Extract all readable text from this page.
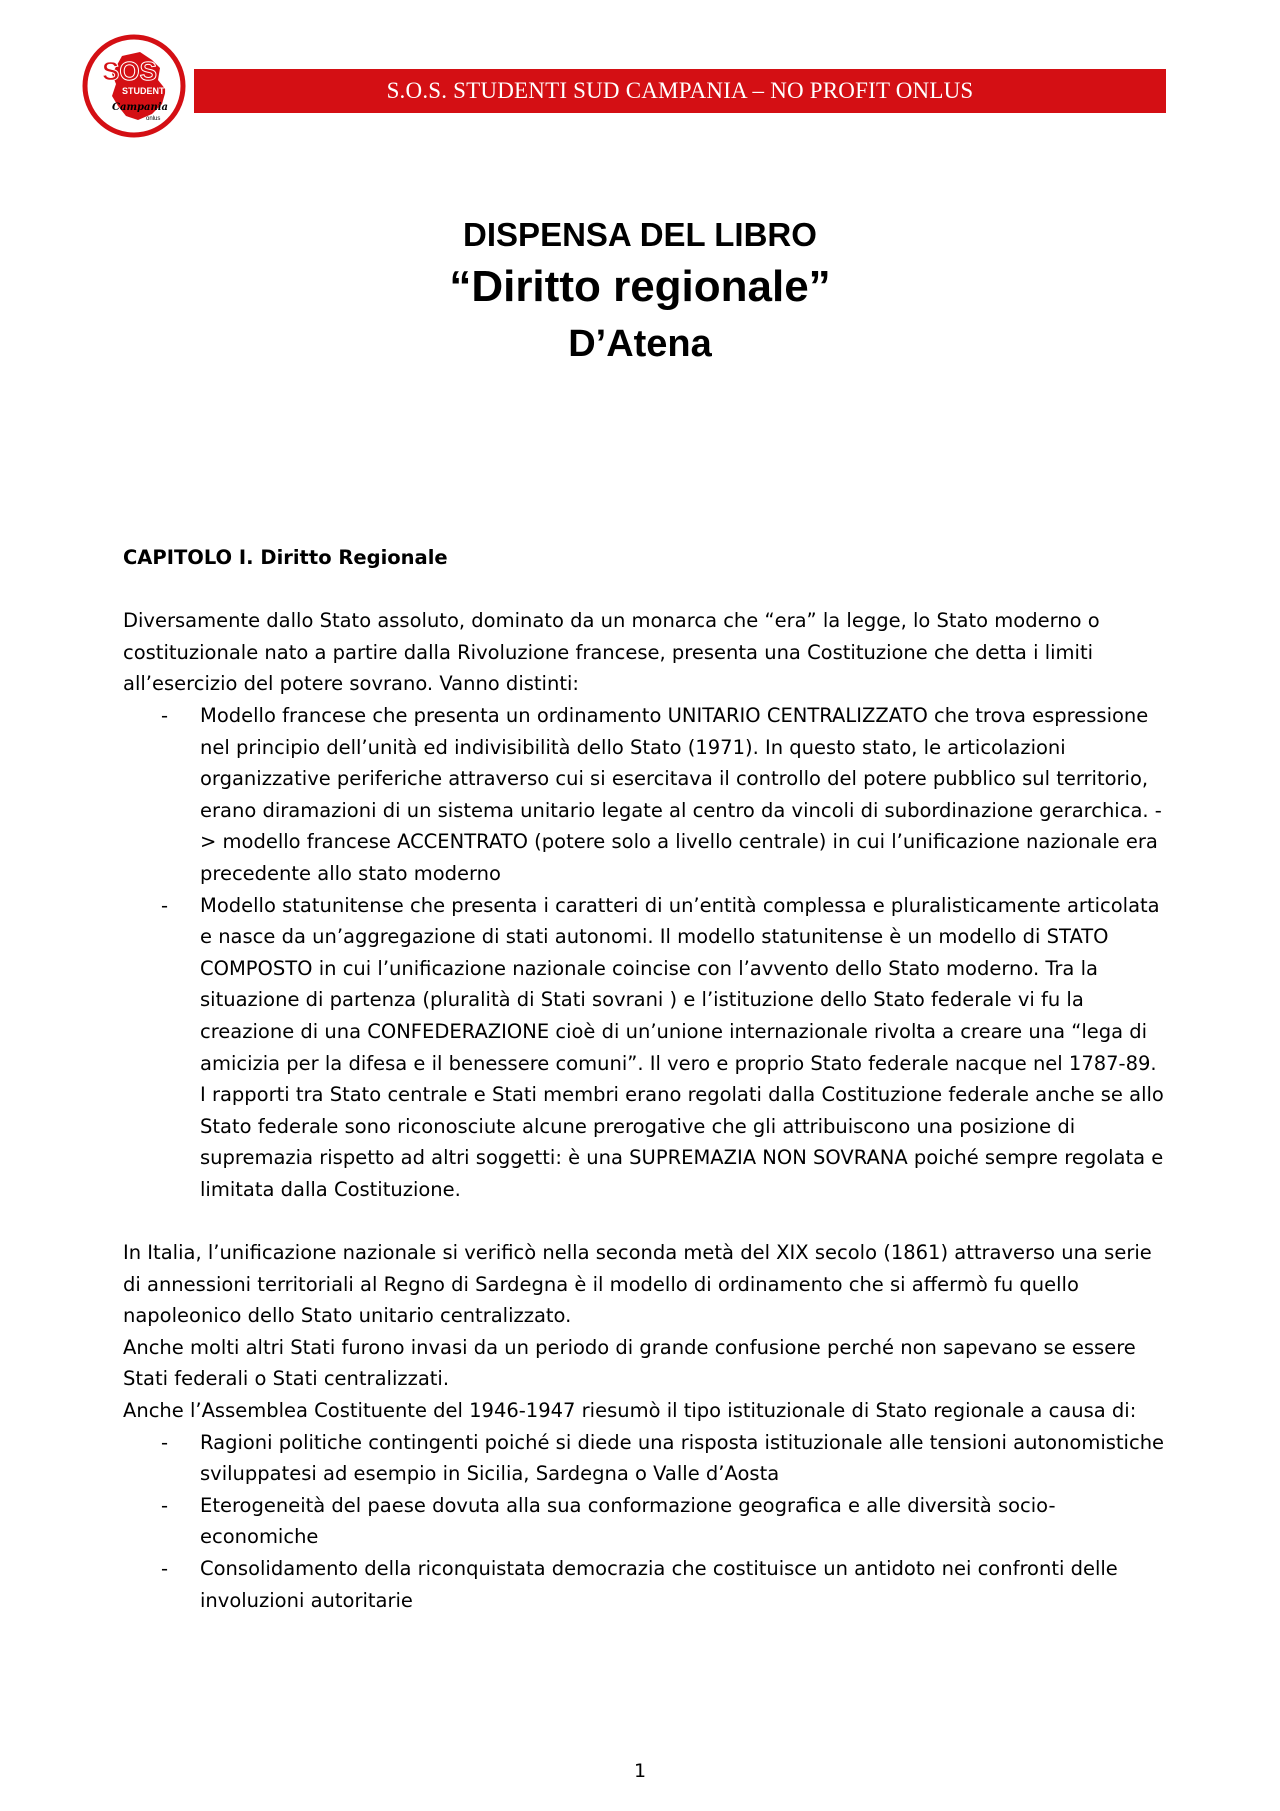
SOS
STUDENTI
Campania
onlus
S.O.S. STUDENTI SUD CAMPANIA – NO PROFIT ONLUS
DISPENSA DEL LIBRO
“Diritto regionale”
D’Atena

CAPITOLO I. Diritto Regionale

Diversamente dallo Stato assoluto, dominato da un monarca che “era” la legge, lo Stato moderno o costituzionale nato a partire dalla Rivoluzione francese, presenta una Costituzione che detta i limiti all’esercizio del potere sovrano. Vanno distinti:

- Modello francese che presenta un ordinamento UNITARIO CENTRALIZZATO che trova espressione nel principio dell’unità ed indivisibilità dello Stato (1971). In questo stato, le articolazioni organizzative periferiche attraverso cui si esercitava il controllo del potere pubblico sul territorio, erano diramazioni di un sistema unitario legate al centro da vincoli di subordinazione gerarchica. -> modello francese ACCENTRATO (potere solo a livello centrale) in cui l’unificazione nazionale era precedente allo stato moderno
- Modello statunitense che presenta i caratteri di un’entità complessa e pluralisticamente articolata e nasce da un’aggregazione di stati autonomi. Il modello statunitense è un modello di STATO COMPOSTO in cui l’unificazione nazionale coincise con l’avvento dello Stato moderno. Tra la situazione di partenza (pluralità di Stati sovrani ) e l’istituzione dello Stato federale vi fu la creazione di una CONFEDERAZIONE cioè di un’unione internazionale rivolta a creare una “lega di amicizia per la difesa e il benessere comuni”. Il vero e proprio Stato federale nacque nel 1787-89. I rapporti tra Stato centrale e Stati membri erano regolati dalla Costituzione federale anche se allo Stato federale sono riconosciute alcune prerogative che gli attribuiscono una posizione di supremazia rispetto ad altri soggetti: è una SUPREMAZIA NON SOVRANA poiché sempre regolata e limitata dalla Costituzione.

In Italia, l’unificazione nazionale si verificò nella seconda metà del XIX secolo (1861) attraverso una serie di annessioni territoriali al Regno di Sardegna è il modello di ordinamento che si affermò fu quello napoleonico dello Stato unitario centralizzato.

Anche molti altri Stati furono invasi da un periodo di grande confusione perché non sapevano se essere Stati federali o Stati centralizzati.

Anche l’Assemblea Costituente del 1946-1947 riesumò il tipo istituzionale di Stato regionale a causa di:

- Ragioni politiche contingenti poiché si diede una risposta istituzionale alle tensioni autonomistiche sviluppatesi ad esempio in Sicilia, Sardegna o Valle d’Aosta
- Eterogeneità del paese dovuta alla sua conformazione geografica e alle diversità socio-economiche
- Consolidamento della riconquistata democrazia che costituisce un antidoto nei confronti delle involuzioni autoritarie
1
